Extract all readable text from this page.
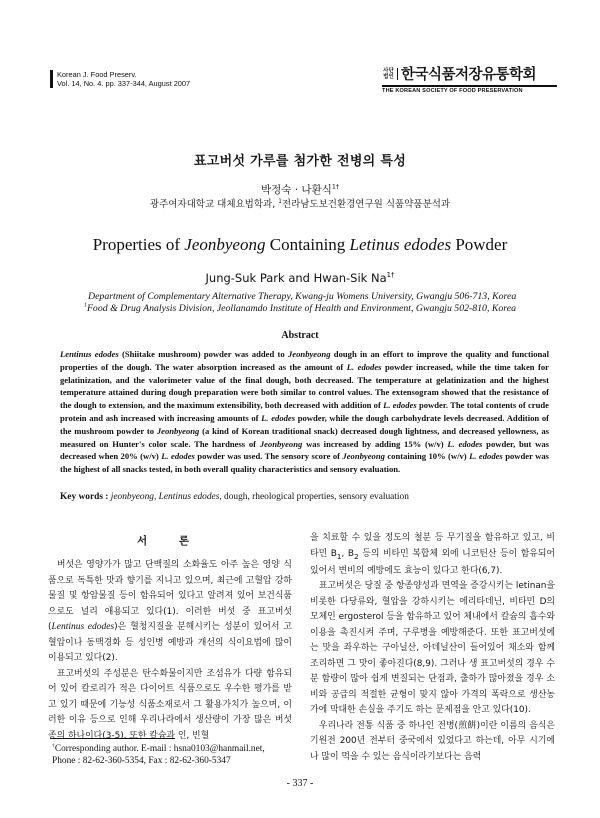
Korean J. Food Preserv.
Vol. 14, No. 4. pp. 337-344, August 2007
사단법인 한국식품저장유통학회
THE KOREAN SOCIETY OF FOOD PRESERVATION
표고버섯 가루를 첨가한 전병의 특성
박정숙 · 나환식$^{1\dagger}$
광주여자대학교 대체요법학과, $^1$전라남도보건환경연구원 식품약품분석과
Properties of Jeonbyeong Containing Letinus edodes Powder
Jung-Suk Park and Hwan-Sik $Na^{1\dagger}$
Department of Complementary Alternative Therapy, Kwang-ju Womens University, Gwangju 506-713, Korea
$^1$Food & Drug Analysis Division, Jeollanamdo Institute of Health and Environment, Gwangju 502-810, Korea
Abstract
Lentinus edodes (Shiitake mushroom) powder was added to Jeonbyeong dough in an effort to improve the quality and functional properties of the dough. The water absorption increased as the amount of L. edodes powder increased, while the time taken for gelatinization, and the valorimeter value of the final dough, both decreased. The temperature at gelatinization and the highest temperature attained during dough preparation were both similar to control values. The extensogram showed that the resistance of the dough to extension, and the maximum extensibility, both decreased with addition of L. edodes powder. The total contents of crude protein and ash increased with increasing amounts of L. edodes powder, while the dough carbohydrate levels decreased. Addition of the mushroom powder to Jeonbyeong (a kind of Korean traditional snack) decreased dough lightness, and decreased yellowness, as measured on Hunter's color scale. The hardness of Jeonbyeong was increased by adding 15% (w/v) L. edodes powder, but was decreased when 20% (w/v) L. edodes powder was used. The sensory score of Jeonbyeong containing 10% (w/v) L. edodes powder was the highest of all snacks tested, in both overall quality characteristics and sensory evaluation.
Key words : jeonbyeong, Lentinus edodes, dough, rheological properties, sensory evaluation
서 론

버섯은 영양가가 많고 단백질의 소화율도 아주 높은 영양 식품으로 독특한 맛과 향기를 지니고 있으며, 최근에 고혈압 강하물질 및 항암물질 등이 함유되어 있다고 알려져 있어 보건식품으로도 널리 애용되고 있다(1). 이러한 버섯 중 표고버섯(Lentinus edodes)은 혈청지질을 분해시키는 성분이 있어서 고혈압이나 동맥경화 등 성인병 예방과 개선의 식이요법에 많이 이용되고 있다(2).

표고버섯의 주성분은 탄수화물이지만 조섬유가 다량 함유되어 있어 칼로리가 적은 다이어트 식품으로도 우수한 평가를 받고 있기 때문에 기능성 식품소재로서 그 활용가치가 높으며, 이러한 이유 등으로 인해 우리나라에서 생산량이 가장 많은 버섯종의 하나이다(3-5). 또한 칼슘과 인, 빈혈

을 치료할 수 있을 정도의 철분 등 무기질을 함유하고 있고, 비타민 $B_1$, $B_2$ 등의 비타민 복합체 외에 니코틴산 등이 함유되어 있어서 변비의 예방에도 효능이 있다고 한다(6,7).

표고버섯은 당질 중 항종양성과 면역을 증강시키는 letinan을 비롯한 다당류와, 혈압을 강하시키는 에리타데닌, 비타민 D의 모체인 ergosterol 등을 함유하고 있어 체내에서 칼슘의 흡수와 이용을 촉진시켜 주며, 구루병을 예방해준다. 또한 표고버섯에는 맛을 좌우하는 구아닐산, 아데닐산이 들어있어 채소와 함께 조리하면 그 맛이 좋아진다(8,9). 그러나 생 표고버섯의 경우 수분 함량이 많아 쉽게 변질되는 단점과, 출하가 많아졌을 경우 소비와 공급의 적절한 균형이 맞지 않아 가격의 폭락으로 생산농가에 막대한 손실을 주기도 하는 문제점을 안고 있다(10).

우리나라 전통 식품 중 하나인 전병(煎餠)이란 이름의 음식은 기원전 200년 전부터 중국에서 있었다고 하는데, 아무 시기에나 많이 먹을 수 있는 음식이라기보다는 음력

†Corresponding author. E-mail : hsna0103@hanmail.net,
Phone : 82-62-360-5354, Fax : 82-62-360-5347
- 337 -
